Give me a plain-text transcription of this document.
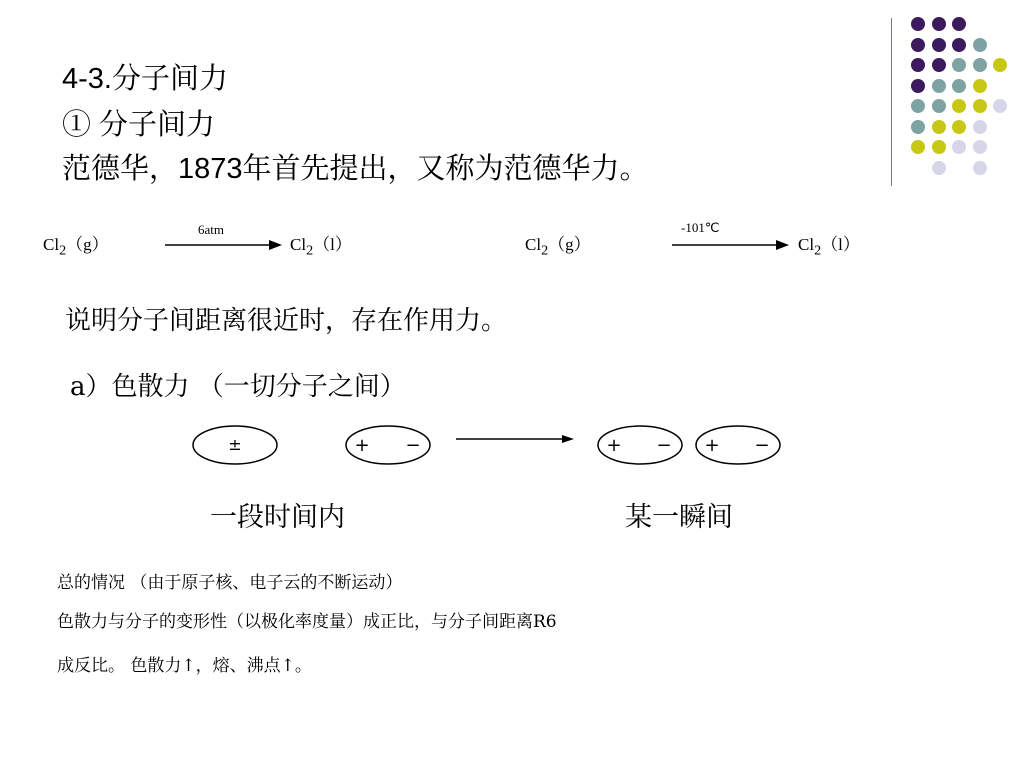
4-3.分子间力
① 分子间力
范德华，1873年首先提出，又称为范德华力。
$Cl_2(g)$
6atm
$Cl_2(l)$	$Cl_2(g)$
-101℃
$Cl_2(l)$
说明分子间距离很近时，存在作用力。
a）色散力 （一切分子之间）
±	+ −	+ − + −
一段时间内	某一瞬间
总的情况 （由于原子核、电子云的不断运动）
色散力与分子的变形性（以极化率度量）成正比，与分子间距离R6
成反比。 色散力↑，熔、沸点↑。
